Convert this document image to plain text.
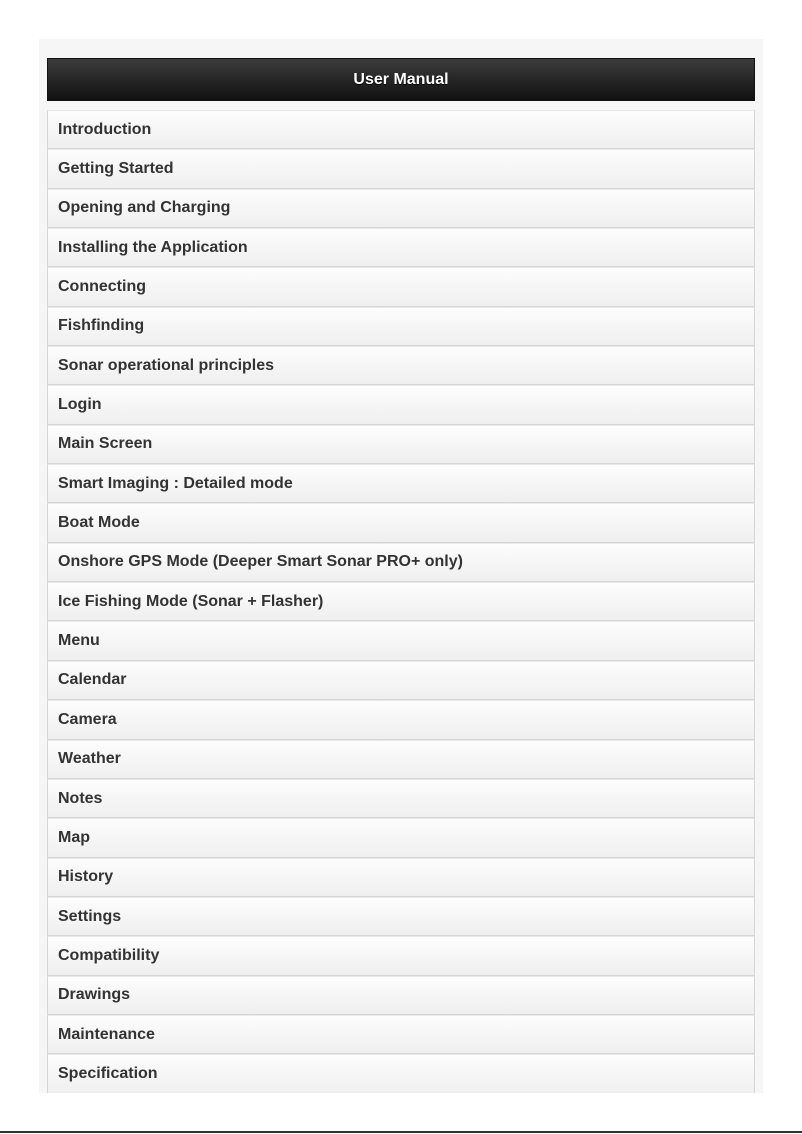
User Manual
Introduction
Getting Started
Opening and Charging
Installing the Application
Connecting
Fishfinding
Sonar operational principles
Login
Main Screen
Smart Imaging : Detailed mode
Boat Mode
Onshore GPS Mode (Deeper Smart Sonar PRO+ only)
Ice Fishing Mode (Sonar + Flasher)
Menu
Calendar
Camera
Weather
Notes
Map
History
Settings
Compatibility
Drawings
Maintenance
Specification
